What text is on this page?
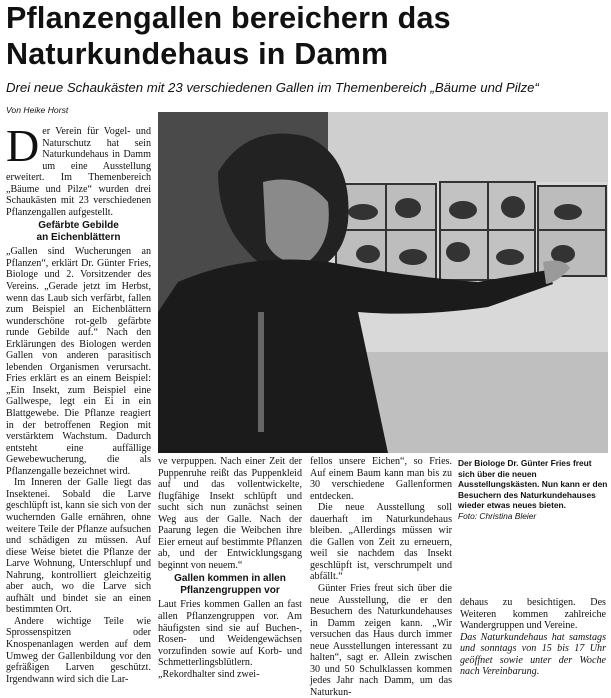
Pflanzengallen bereichern das
Naturkundehaus in Damm
Drei neue Schaukästen mit 23 verschiedenen Gallen im Themenbereich „Bäume und Pilze“
Von Heike Horst

Der Verein für Vogel- und Naturschutz hat sein Naturkundehaus in Damm um eine Ausstellung erweitert. Im Themenbereich „Bäume und Pilze“ wurden drei Schaukästen mit 23 verschiedenen Pflanzengallen aufgestellt.

Gefärbte Gebilde
an Eichenblättern

„Gallen sind Wucherungen an Pflanzen“, erklärt Dr. Günter Fries, Biologe und 2. Vorsitzender des Vereins. „Gerade jetzt im Herbst, wenn das Laub sich verfärbt, fallen zum Beispiel an Eichenblättern wunderschöne rot-gelb gefärbte runde Gebilde auf.“ Nach den Erklärungen des Biologen werden Gallen von anderen parasitisch lebenden Organismen verursacht. Fries erklärt es an einem Beispiel: „Ein Insekt, zum Beispiel eine Gallwespe, legt ein Ei in ein Blattgewebe. Die Pflanze reagiert in der betroffenen Region mit verstärktem Wachstum. Dadurch entsteht eine auffällige Gewebewucherung, die als Pflanzengalle bezeichnet wird.

Im Inneren der Galle liegt das Insektenei. Sobald die Larve geschlüpft ist, kann sie sich von der wuchernden Galle ernähren, ohne weitere Teile der Pflanze aufsuchen und schädigen zu müssen. Auf diese Weise bietet die Pflanze der Larve Wohnung, Unterschlupf und Nahrung, kontrolliert gleichzeitig aber auch, wo die Larve sich aufhält und bindet sie an einen bestimmten Ort.

Andere wichtige Teile wie Sprossenspitzen oder Knospenanlagen werden auf dem Umweg der Gallenbildung vor den gefräßigen Larven geschützt. Irgendwann wird sich die Lar-

Der Biologe Dr. Günter Fries freut sich über die neuen Ausstellungskästen. Nun kann er den Besuchern des Naturkundehauses wieder etwas neues bieten.
Foto: Christina Bleier

ve verpuppen. Nach einer Zeit der Puppenruhe reißt das Puppenkleid auf und das vollentwickelte, flugfähige Insekt schlüpft und sucht sich nun zunächst seinen Weg aus der Galle. Nach der Paarung legen die Weibchen ihre Eier erneut auf bestimmte Pflanzen ab, und der Entwicklungsgang beginnt von neuem.“

Gallen kommen in allen
Pflanzengruppen vor

Laut Fries kommen Gallen an fast allen Pflanzengruppen vor. Am häufigsten sind sie auf Buchen-, Rosen- und Weidengewächsen vorzufinden sowie auf Korb- und Schmetterlingsblütlern. „Rekordhalter sind zwei-

fellos unsere Eichen“, so Fries. Auf einem Baum kann man bis zu 30 verschiedene Gallenformen entdecken.

Die neue Ausstellung soll dauerhaft im Naturkundehaus bleiben. „Allerdings müssen wir die Gallen von Zeit zu erneuern, weil sie nachdem das Insekt geschlüpft ist, verschrumpelt und abfällt.“

Günter Fries freut sich über die neue Ausstellung, die er den Besuchern des Naturkundehauses in Damm zeigen kann. „Wir versuchen das Haus durch immer neue Ausstellungen interessant zu halten“, sagt er. Allein zwischen 30 und 50 Schulklassen kommen jedes Jahr nach Damm, um das Naturkun-

dehaus zu besichtigen. Des Weiteren kommen zahlreiche Wandergruppen und Vereine.

Das Naturkundehaus hat samstags und sonntags von 15 bis 17 Uhr geöffnet sowie unter der Woche nach Vereinbarung.
